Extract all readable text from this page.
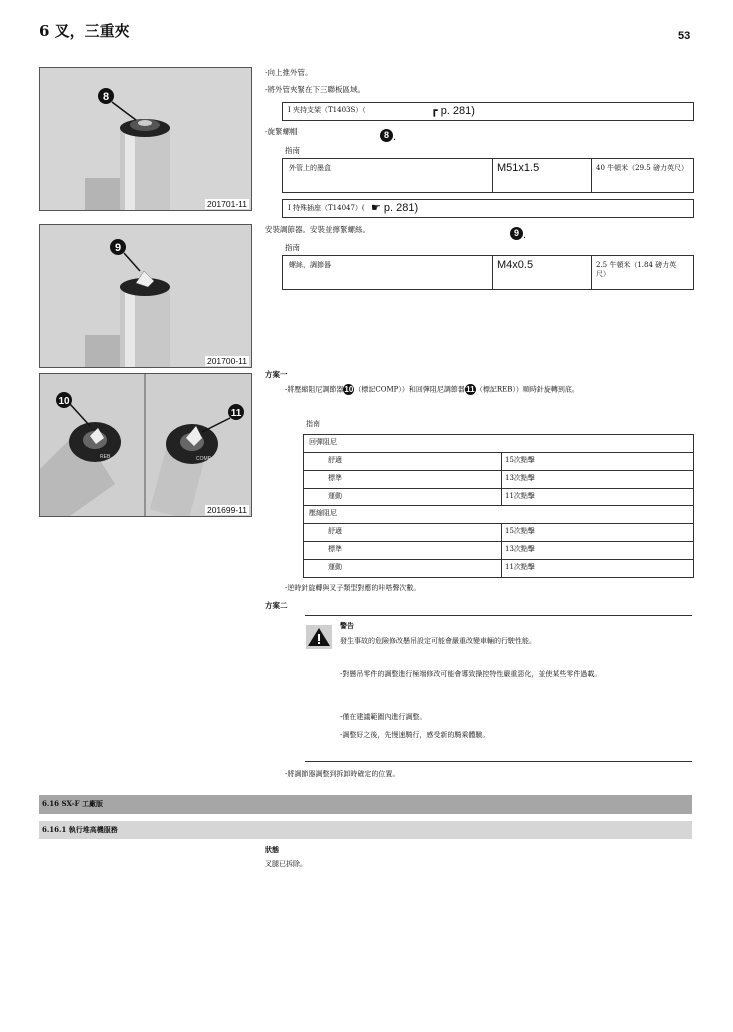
6 叉，三重夾	53
8
201701-11
9
201700-11
REB
10
COMP
11
201699-11
-向上推外管。
-將外管夾緊在下三聯板區域。
I 夾持支架（T1403S）（	┏ p. 281)
-旋緊螺帽	8 .
指南
外管上的墨盒	M51x1.5	40 牛頓米（29.5 磅力英尺）
I 特殊插座（T14047）( ☛ p. 281)
安裝調節器。安裝並擰緊螺絲。	9 .
指南
螺絲，調節器	M4x0.5	2.5 牛頓米（1.84 磅力英尺）
方案一
-將壓縮阻尼調節器10（標記COMP））和回彈阻尼調節器11（標記REB））順時針旋轉到底。
指南
回彈阻尼
舒適	15次點擊
標準	13次點擊
運動	11次點擊
壓縮阻尼
舒適	15次點擊
標準	13次點擊
運動	11次點擊
-逆時針旋轉與叉子類型對應的咔嗒聲次數。
方案二
警告
發生事故的危險修改懸吊設定可能會嚴重改變車輛的行駛性能。
-對懸吊零件的調整進行極端修改可能會導致操控特性嚴重惡化，並使某些零件過載。
-僅在建議範圍內進行調整。
-調整好之後，先慢速騎行，感受新的騎乘體驗。
-將調節器調整到拆卸時確定的位置。
6.16 SX-F 工廠版
6.16.1 執行堆高機服務
狀態
叉腿已拆除。
